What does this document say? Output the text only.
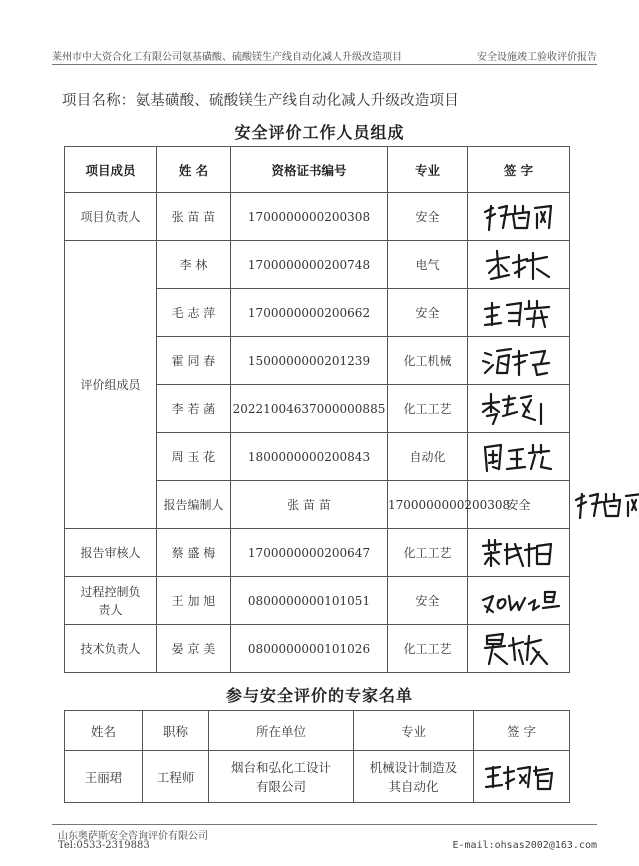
莱州市中大资合化工有限公司氨基磺酸、硫酸镁生产线自动化减人升级改造项目	安全设施竣工验收评价报告
项目名称：氨基磺酸、硫酸镁生产线自动化减人升级改造项目
安全评价工作人员组成
项目成员	姓 名	资格证书编号	专业	签 字	
项目负责人	张 苗 苗	1700000000200308	安全	

评价组成员	李 林	1700000000200748	电气	

	毛 志 萍	1700000000200662	安全	

	霍 同 春	1500000000201239	化工机械	

	李 若 菡	20221004637000000885	化工工艺	

	周 玉 花	1800000000200843	自动化	

	报告编制人	张 苗 苗	1700000000200308	安全	

报告审核人	蔡 盛 梅	1700000000200647	化工工艺	

过程控制负责人	王 加 旭	0800000000101051	安全	

技术负责人	晏 京 美	0800000000101026	化工工艺	
参与安全评价的专家名单
姓名	职称	所在单位	专业	签 字
王丽珺	工程师	烟台和弘化工设计有限公司	机械设计制造及其自动化	
山东奥萨斯安全咨询评价有限公司
Tel:0533-2319883	E-mail:ohsas2002@163.com
